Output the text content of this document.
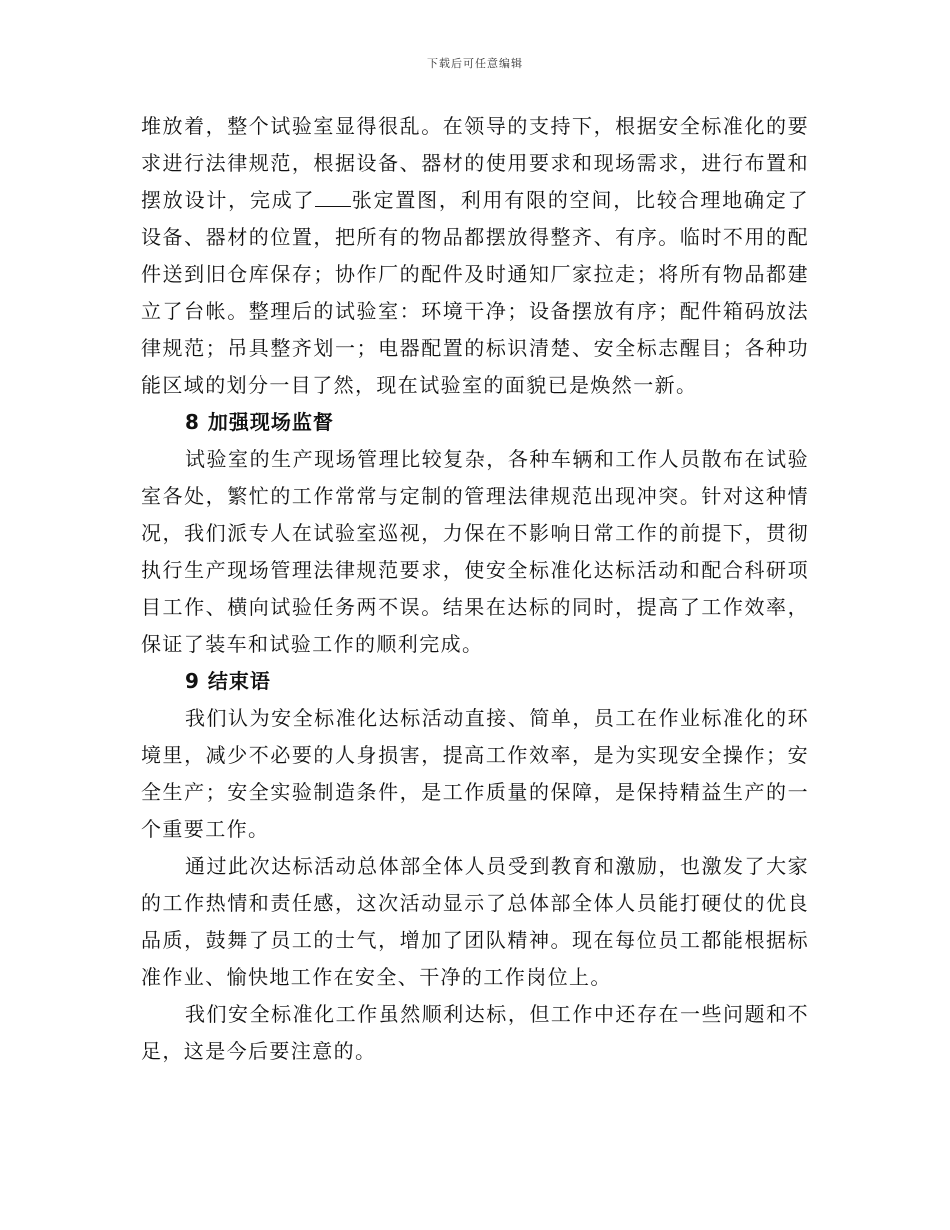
下载后可任意编辑

堆放着，整个试验室显得很乱。在领导的支持下，根据安全标准化的要求进行法律规范，根据设备、器材的使用要求和现场需求，进行布置和摆放设计，完成了 张定置图，利用有限的空间，比较合理地确定了设备、器材的位置，把所有的物品都摆放得整齐、有序。临时不用的配件送到旧仓库保存；协作厂的配件及时通知厂家拉走；将所有物品都建立了台帐。整理后的试验室：环境干净；设备摆放有序；配件箱码放法律规范；吊具整齐划一；电器配置的标识清楚、安全标志醒目；各种功能区域的划分一目了然，现在试验室的面貌已是焕然一新。

8 加强现场监督

试验室的生产现场管理比较复杂，各种车辆和工作人员散布在试验室各处，繁忙的工作常常与定制的管理法律规范出现冲突。针对这种情况，我们派专人在试验室巡视，力保在不影响日常工作的前提下，贯彻执行生产现场管理法律规范要求，使安全标准化达标活动和配合科研项目工作、横向试验任务两不误。结果在达标的同时，提高了工作效率，保证了装车和试验工作的顺利完成。

9 结束语

我们认为安全标准化达标活动直接、简单，员工在作业标准化的环境里，减少不必要的人身损害，提高工作效率，是为实现安全操作；安全生产；安全实验制造条件，是工作质量的保障，是保持精益生产的一个重要工作。

通过此次达标活动总体部全体人员受到教育和激励，也激发了大家的工作热情和责任感，这次活动显示了总体部全体人员能打硬仗的优良品质，鼓舞了员工的士气，增加了团队精神。现在每位员工都能根据标准作业、愉快地工作在安全、干净的工作岗位上。

我们安全标准化工作虽然顺利达标，但工作中还存在一些问题和不足，这是今后要注意的。
